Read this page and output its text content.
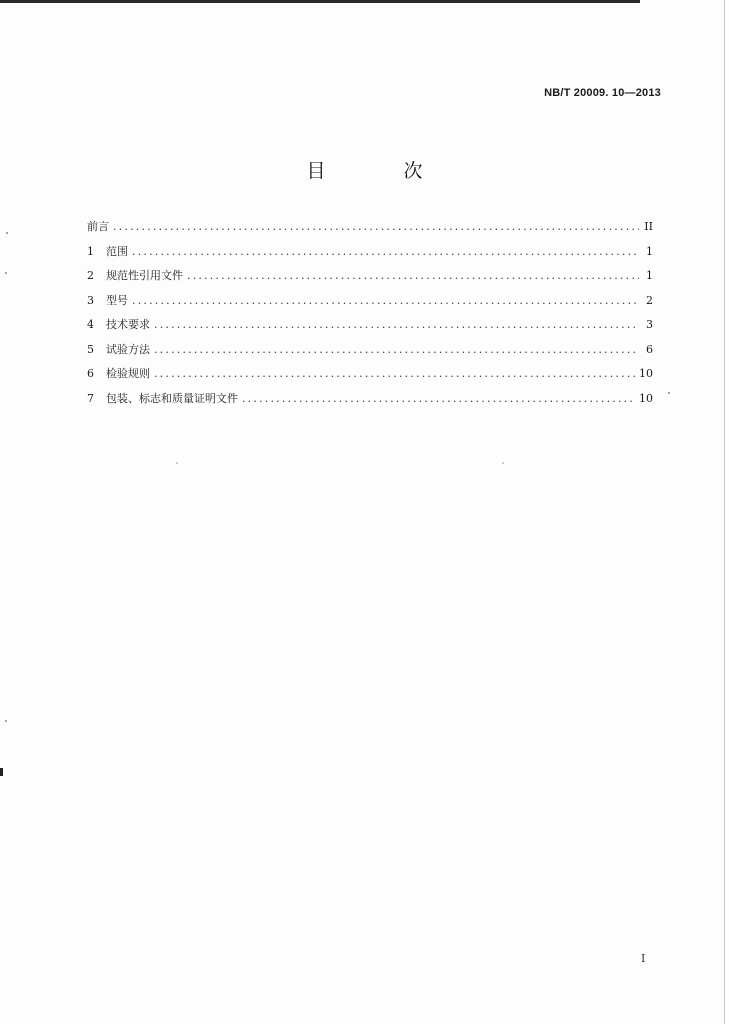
NB/T 20009. 10—2013
目 次
前言 .....	II
1	范围 .....	1
2	规范性引用文件 .....	1
3	型号 .....	2
4	技术要求 .....	3
5	试验方法 .....	6
6	检验规则 .....	10
7	包装、标志和质量证明文件 .....	10
I
